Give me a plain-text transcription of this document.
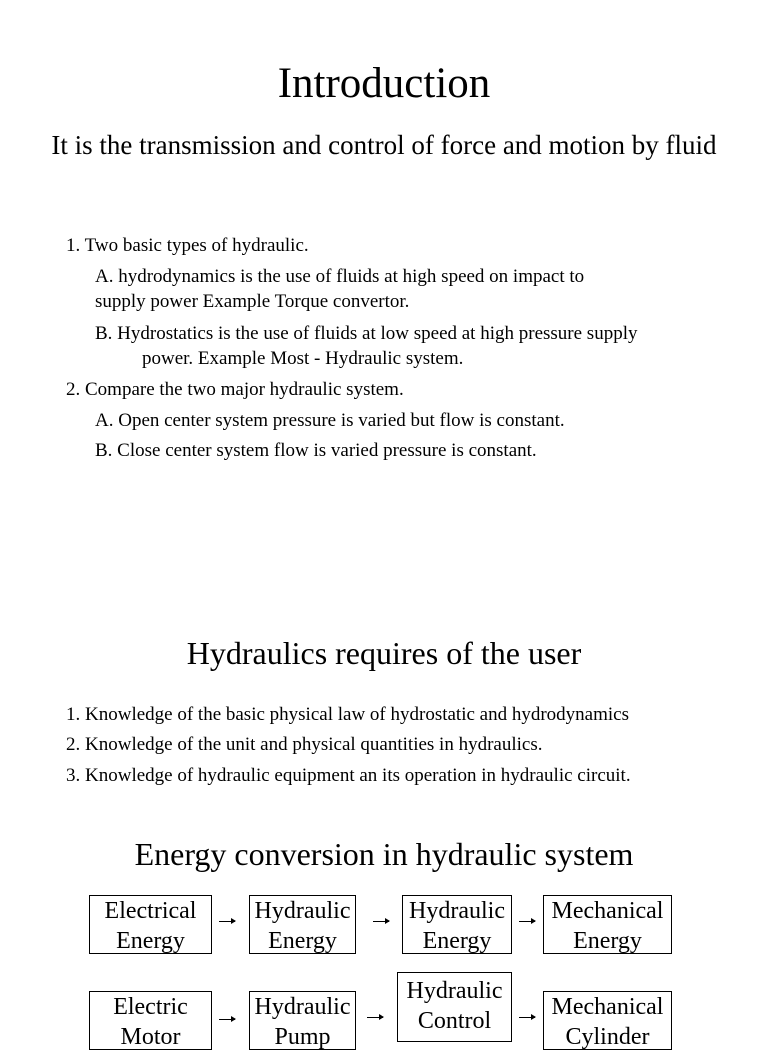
Introduction
It is the transmission and control of force and motion by fluid
1. Two basic types of hydraulic.
A. hydrodynamics is the use of fluids at high speed on impact to
supply power Example Torque convertor.
B. Hydrostatics is the use of fluids at low speed at high pressure supply
power. Example Most - Hydraulic system.
2. Compare the two major hydraulic system.
A. Open center system pressure is varied but flow is constant.
B. Close center system flow is varied pressure is constant.
Hydraulics requires of the user
1. Knowledge of the basic physical law of hydrostatic and hydrodynamics
2. Knowledge of the unit and physical quantities in hydraulics.
3. Knowledge of hydraulic equipment an its operation in hydraulic circuit.
Energy conversion in hydraulic system
Electrical
Energy
Hydraulic
Energy
Hydraulic
Energy
Mechanical
Energy
Electric
Motor
Hydraulic
Pump
Hydraulic
Control
Mechanical
Cylinder
